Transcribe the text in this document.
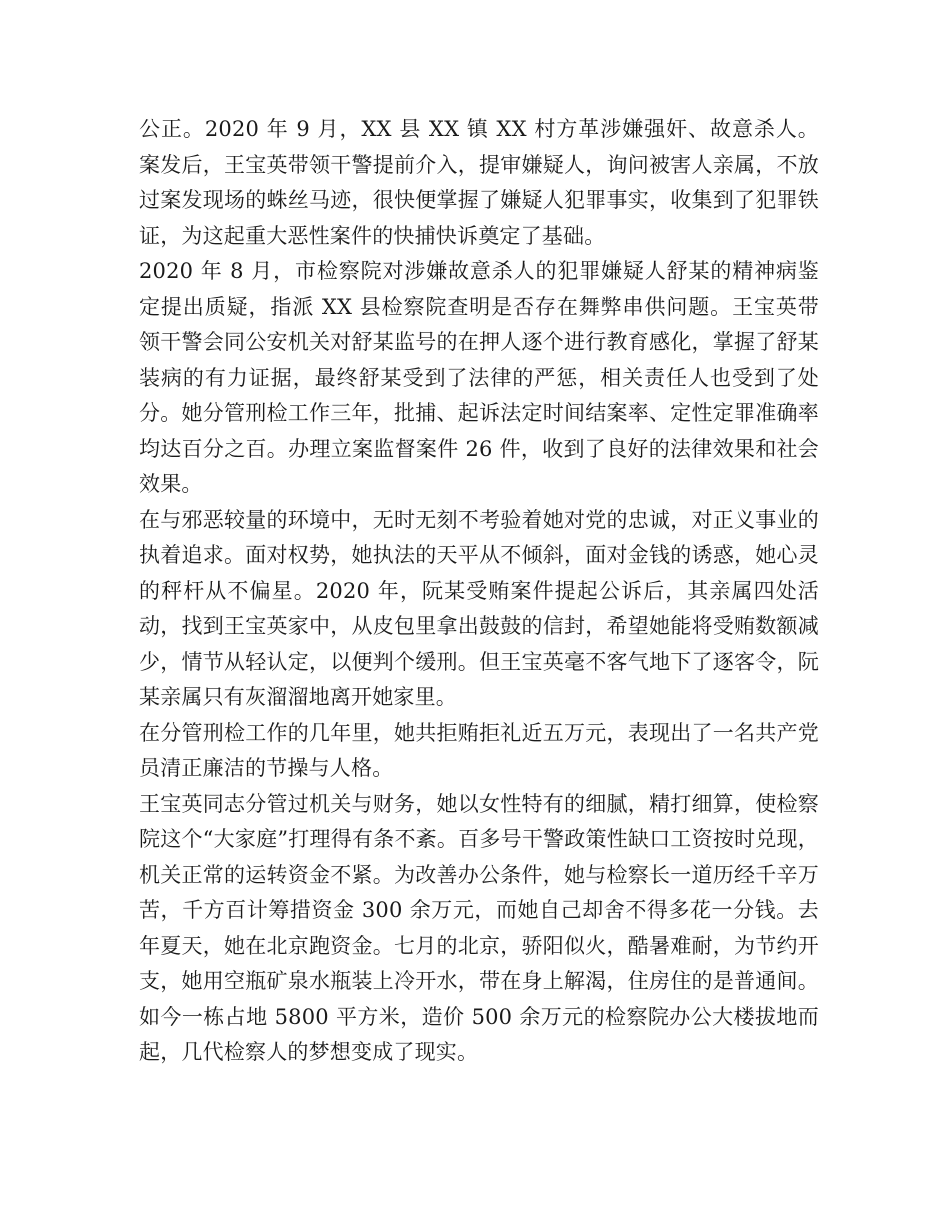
公正。2020 年 9 月，XX 县 XX 镇 XX 村方革涉嫌强奸、故意杀人。案发后，王宝英带领干警提前介入，提审嫌疑人，询问被害人亲属，不放过案发现场的蛛丝马迹，很快便掌握了嫌疑人犯罪事实，收集到了犯罪铁证，为这起重大恶性案件的快捕快诉奠定了基础。

2020 年 8 月，市检察院对涉嫌故意杀人的犯罪嫌疑人舒某的精神病鉴定提出质疑，指派 XX 县检察院查明是否存在舞弊串供问题。王宝英带领干警会同公安机关对舒某监号的在押人逐个进行教育感化，掌握了舒某装病的有力证据，最终舒某受到了法律的严惩，相关责任人也受到了处分。她分管刑检工作三年，批捕、起诉法定时间结案率、定性定罪准确率均达百分之百。办理立案监督案件 26 件，收到了良好的法律效果和社会效果。

在与邪恶较量的环境中，无时无刻不考验着她对党的忠诚，对正义事业的执着追求。面对权势，她执法的天平从不倾斜，面对金钱的诱惑，她心灵的秤杆从不偏星。2020 年，阮某受贿案件提起公诉后，其亲属四处活动，找到王宝英家中，从皮包里拿出鼓鼓的信封，希望她能将受贿数额减少，情节从轻认定，以便判个缓刑。但王宝英毫不客气地下了逐客令，阮某亲属只有灰溜溜地离开她家里。

在分管刑检工作的几年里，她共拒贿拒礼近五万元，表现出了一名共产党员清正廉洁的节操与人格。

王宝英同志分管过机关与财务，她以女性特有的细腻，精打细算，使检察院这个“大家庭”打理得有条不紊。百多号干警政策性缺口工资按时兑现，机关正常的运转资金不紧。为改善办公条件，她与检察长一道历经千辛万苦，千方百计筹措资金 300 余万元，而她自己却舍不得多花一分钱。去年夏天，她在北京跑资金。七月的北京，骄阳似火，酷暑难耐，为节约开支，她用空瓶矿泉水瓶装上冷开水，带在身上解渴，住房住的是普通间。如今一栋占地 5800 平方米，造价 500 余万元的检察院办公大楼拔地而起，几代检察人的梦想变成了现实。
